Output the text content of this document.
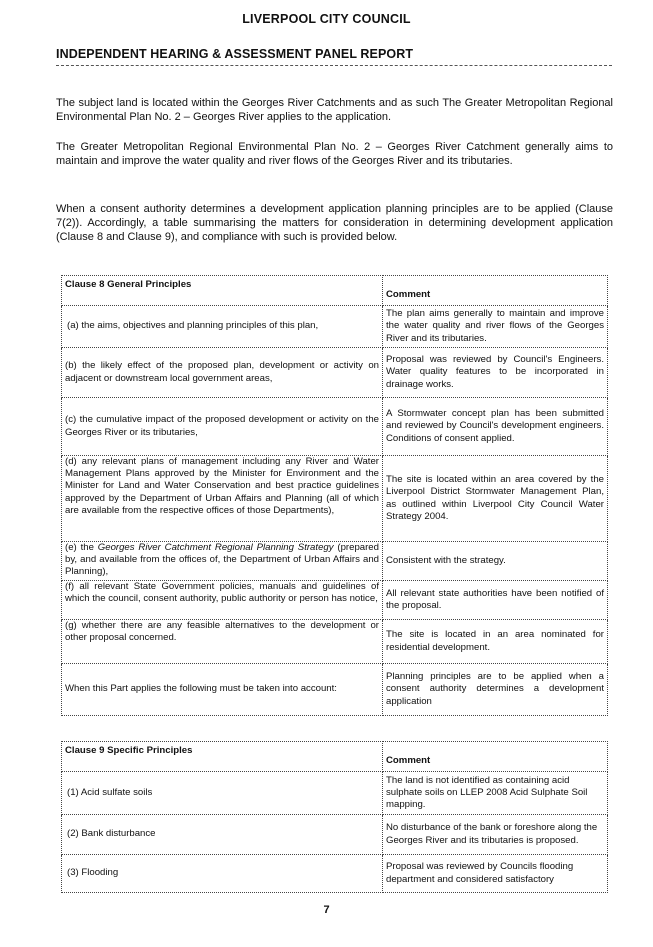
LIVERPOOL CITY COUNCIL
INDEPENDENT HEARING & ASSESSMENT PANEL REPORT

The subject land is located within the Georges River Catchments and as such The Greater Metropolitan Regional Environmental Plan No. 2 – Georges River applies to the application.

The Greater Metropolitan Regional Environmental Plan No. 2 – Georges River Catchment generally aims to maintain and improve the water quality and river flows of the Georges River and its tributaries.

When a consent authority determines a development application planning principles are to be applied (Clause 7(2)). Accordingly, a table summarising the matters for consideration in determining development application (Clause 8 and Clause 9), and compliance with such is provided below.

Clause 8 General Principles	Comment
(a) the aims, objectives and planning principles of this plan,	The plan aims generally to maintain and improve the water quality and river flows of the Georges River and its tributaries.
(b) the likely effect of the proposed plan, development or activity on adjacent or downstream local government areas,	Proposal was reviewed by Council's Engineers. Water quality features to be incorporated in drainage works.
(c) the cumulative impact of the proposed development or activity on the Georges River or its tributaries,	A Stormwater concept plan has been submitted and reviewed by Council's development engineers. Conditions of consent applied.
(d) any relevant plans of management including any River and Water Management Plans approved by the Minister for Environment and the Minister for Land and Water Conservation and best practice guidelines approved by the Department of Urban Affairs and Planning (all of which are available from the respective offices of those Departments),	The site is located within an area covered by the Liverpool District Stormwater Management Plan, as outlined within Liverpool City Council Water Strategy 2004.
(e) the Georges River Catchment Regional Planning Strategy (prepared by, and available from the offices of, the Department of Urban Affairs and Planning),	Consistent with the strategy.
(f) all relevant State Government policies, manuals and guidelines of which the council, consent authority, public authority or person has notice,	All relevant state authorities have been notified of the proposal.
(g) whether there are any feasible alternatives to the development or other proposal concerned.	The site is located in an area nominated for residential development.
When this Part applies the following must be taken into account:	Planning principles are to be applied when a consent authority determines a development application
Clause 9 Specific Principles	Comment
(1) Acid sulfate soils	The land is not identified as containing acid sulphate soils on LLEP 2008 Acid Sulphate Soil mapping.
(2) Bank disturbance	No disturbance of the bank or foreshore along the Georges River and its tributaries is proposed.
(3) Flooding	Proposal was reviewed by Councils flooding department and considered satisfactory
7
